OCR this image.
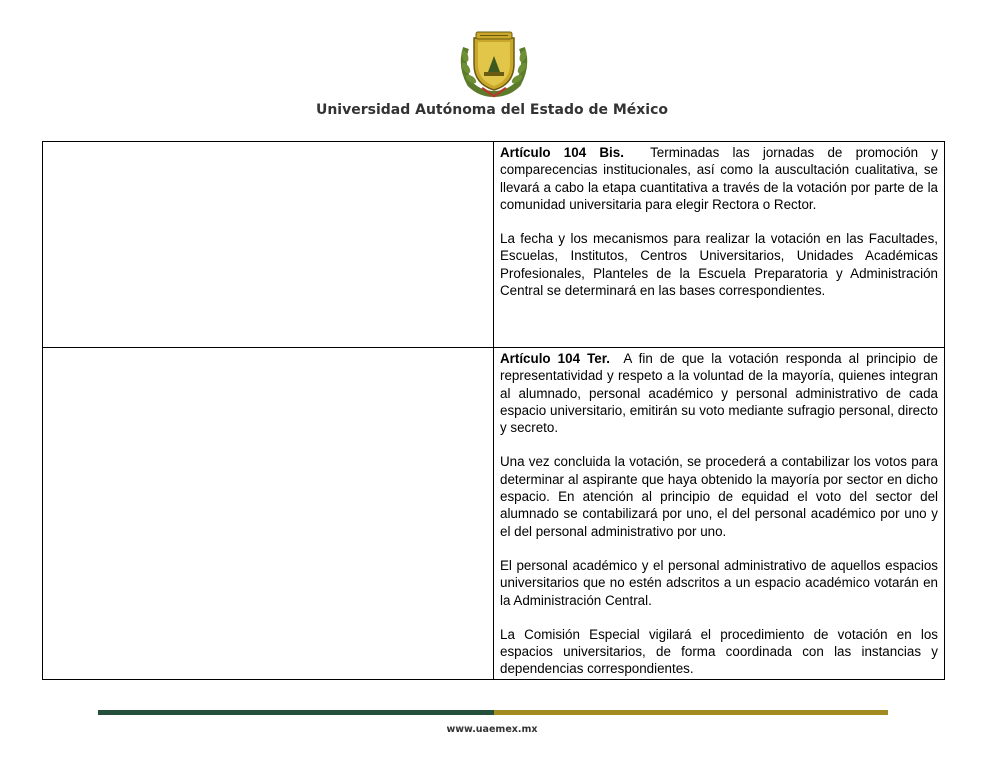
Universidad Autónoma del Estado de México

	Artículo 104 Bis.  Terminadas las jornadas de promoción y comparecencias institucionales, así como la auscultación cualitativa, se llevará a cabo la etapa cuantitativa a través de la votación por parte de la comunidad universitaria para elegir Rectora o Rector.

La fecha y los mecanismos para realizar la votación en las Facultades, Escuelas, Institutos, Centros Universitarios, Unidades Académicas Profesionales, Planteles de la Escuela Preparatoria y Administración Central se determinará en las bases correspondientes.

	Artículo 104 Ter.  A fin de que la votación responda al principio de representatividad y respeto a la voluntad de la mayoría, quienes integran al alumnado, personal académico y personal administrativo de cada espacio universitario, emitirán su voto mediante sufragio personal, directo y secreto.

Una vez concluida la votación, se procederá a contabilizar los votos para determinar al aspirante que haya obtenido la mayoría por sector en dicho espacio. En atención al principio de equidad el voto del sector del alumnado se contabilizará por uno, el del personal académico por uno y el del personal administrativo por uno.

El personal académico y el personal administrativo de aquellos espacios universitarios que no estén adscritos a un espacio académico votarán en la Administración Central.

La Comisión Especial vigilará el procedimiento de votación en los espacios universitarios, de forma coordinada con las instancias y dependencias correspondientes.

www.uaemex.mx
